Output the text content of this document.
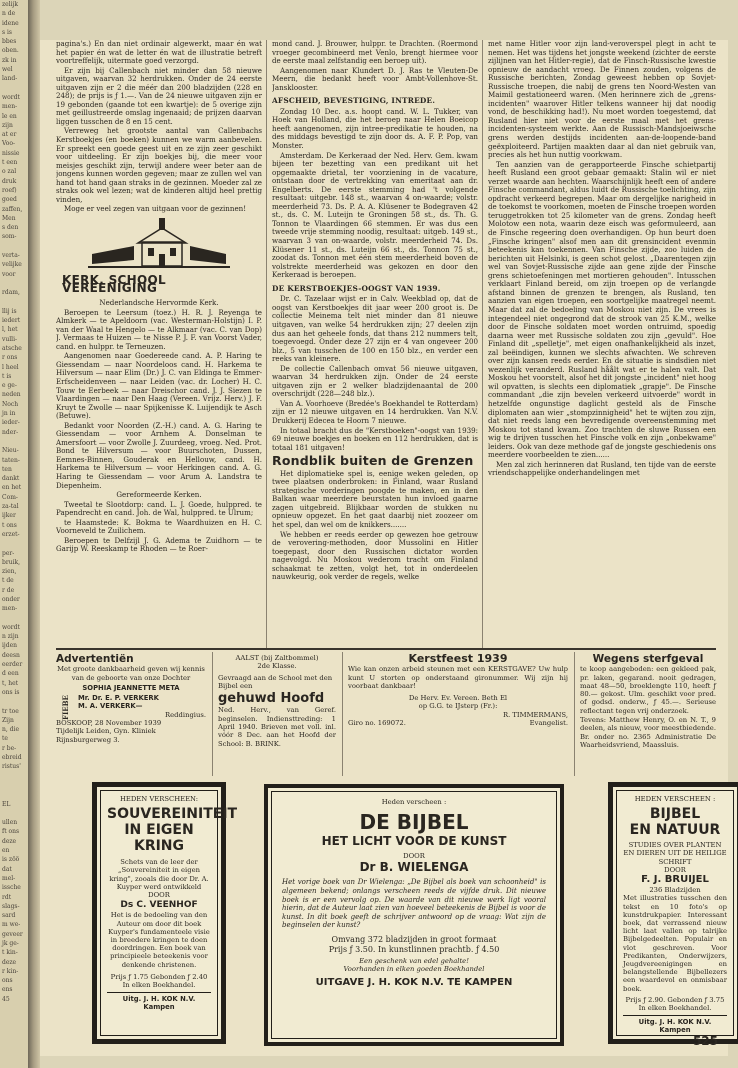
zelijk
n de
idene
s is
bbes
oben.
zk in
wel
land-

wordt
men-
le en
zijn
at er
Voo-
nissie
t een
o zal
druk
roef)
goed
zaffen,
Men
s den
som-

verta-
velijke
voor

rdam,

llij is
iedert
l, het
vulli-
atsche
r ons
l heel
t is
e ge-
neden
Noch
jn in
ieder-
nder-

Nieu-
taten-
ten
dankt
en het
Com-
za-tal
ijker
t ons
erzet-

per-
bruik,
zien,
t de
r de
onder
men-

wordt
n zijn
ijden
deesn
eerder
d een
t, het
ons is

tr toe
Zijn
n, die
te
r be-
ebreid
ristus'

EL

ullen
ft ons
deze
en
is zöö
dat
mel-
issche
rdt
slags-
sard
m we-
geveer
jk ge-
t kin-
deze
r kin-
ons
ens
45

pagina's.) En dan niet ordinair algewerkt, maar én wat het papier én wat de letter én wat de illustratie betreft voortreffelijk, uitermate goed verzorgd.

Er zijn bij Callenbach niet minder dan 58 nieuwe uitgaven, waarvan 32 herdrukken. Onder de 24 eerste uitgaven zijn er 2 die méér dan 200 bladzijden (228 en 248); de prijs is ƒ 1.—. Van de 24 nieuwe uitgaven zijn er 19 gebonden (gaande tot een kwartje): de 5 overige zijn met geillustreerde omslag ingenaaid; de prijzen daarvan liggen tusschen de 8 en 15 cent.

Verreweg het grootste aantal van Callenbachs Kerstboekjes (en boeken) kunnen we warm aanbevelen. Er spreekt een goede geest uit en ze zijn zeer geschikt voor uitdeeling. Er zijn boekjes bij, die meer voor meisjes geschikt zijn, terwijl andere weer beter aan de jongens kunnen worden gegeven; maar ze zullen wel van hand tot hand gaan straks in de gezinnen. Moeder zal ze straks ook wel lezen; wat de kinderen altijd heel prettig vinden,

Moge er veel zegen van uitgaan voor de gezinnen!

KERK. SCHOOL VEREENIGING

Nederlandsche Hervormde Kerk.

Beroepen te Leersum (toez.) H. R. J. Reyenga te Almkerk — te Apeldoorn (vac. Westerman-Holstijn) I. P. van der Waal te Hengelo — te Alkmaar (vac. C. van Dop) J. Vermaas te Huizen — te Nisse P. J. F. van Voorst Vader, cand. en hulppr. te Terneuzen.

Aangenomen naar Goedereede cand. A. P. Haring te Giessendam — naar Noordeloos cand. H. Harkema te Hilversum — naar Elim (Dr.) J. C. van Eldinga te Emmer-Erfscheidenveen — naar Leiden (vac. dr. Locher) H. C. Touw te Eerbeek — naar Dreischor cand. J. J. Siezen te Vlaardingen — naar Den Haag (Vereen. Vrijz. Herv.) J. F. Kruyt te Zwolle — naar Spijkenisse K. Luijendijk te Asch (Betuwe).

Bedankt voor Noorden (Z.-H.) cand. A. G. Haring te Giessendam — voor Arnhem A. Donselman te Amersfoort — voor Zwolle J. Zuurdeeg, vroeg. Ned. Prot. Bond te Hilversum — voor Buurschoten, Dussen, Eemnes-Binnen, Gouderak en Hellouw, cand. H. Harkema te Hilversum — voor Herkingen cand. A. G. Haring te Giessendam — voor Arum A. Landstra te Diepenheim.

Gereformeerde Kerken.

Tweetal te Slootdorp: cand. L. J. Goede, hulppred. te Papendrecht en cand. Joh. de Wal, hulppred. te Ulrum;

te Haamstede: K. Bokma te Waardhuizen en H. C. Voorneveld te Zuilichem.

Beroepen te Delfzijl J. G. Adema te Zuidhorn — te Garijp W. Reeskamp te Rhoden — te Roer-

mond cand. J. Brouwer, hulppr. te Drachten. (Roermond vroeger gecombineerd met Venlo, brengt hiermee voor de eerste maal zelfstandig een beroep uit).

Aangenomen naar Klundert D. J. Ras te Vleuten-De Meern, die bedankt heeft voor Ambt-Vollenhove-St. Jansklooster.

AFSCHEID, BEVESTIGING, INTREDE.

Zondag 10 Dec. a.s. hoopt cand. W. L. Tukker, van Hoek van Holland, die het beroep naar Helen Boeicop heeft aangenomen, zijn intree-predikatie te houden, na des middags bevestigd te zijn door ds. A. F. P. Pop, van Monster.

Amsterdam. De Kerkeraad der Ned. Herv. Gem. kwam bijeen ter bezetting van een predikant uit het opgemaakte drietal, ter voorziening in de vacature, ontstaan door de vertrekking van emeritaat aan dr. Engelberts. De eerste stemming had 't volgende resultaat: uitgebr. 148 st., waarvan 4 on-waarde; volstr. meerderheid 73. Ds. P. A. A. Klüsener te Bodegraven 42 st., ds. C. M. Luteijn te Groningen 58 st., ds. Th. G. Tonnon te Vlaardingen 66 stemmen. Er was dus een tweede vrije stemming noodig, resultaat: uitgeb. 149 st., waarvan 3 van on-waarde, volstr. meerderheid 74. Ds. Klüsener 11 st., ds. Luteijn 66 st., ds. Tonnon 75 st., zoodat ds. Tonnon met één stem meerderheid boven de volstrekte meerderheid was gekozen en door den Kerkeraad is beroepen.

DE KERSTBOEKJES-OOGST VAN 1939.

Dr. C. Tazelaar wijst er in Calv. Weekblad op, dat de oogst van Kerstboekjes dit jaar weer 200 groot is. De collectie Meinema telt niet minder dan 81 nieuwe uitgaven, van welke 54 herdrukken zijn; 27 deelen zijn dus aan het geheele fonds, dat thans 212 nummers telt, toegevoegd. Onder deze 27 zijn er 4 van ongeveer 200 blz., 5 van tusschen de 100 en 150 blz., en verder een reeks van kleinere.

De collectie Callenbach omvat 56 nieuwe uitgaven, waarvan 34 herdrukken zijn. Onder de 24 eerste uitgaven zijn er 2 welker bladzijdenaantal de 200 overschrijdt (228—248 blz.).

Van A. Voorhoeve (Bredée's Boekhandel te Rotterdam) zijn er 12 nieuwe uitgaven en 14 herdrukken. Van N.V. Drukkerij Edecea te Hoorn 7 nieuwe.

In totaal bracht dus de "Kerstboeken"-oogst van 1939: 69 nieuwe boekjes en boeken en 112 herdrukken, dat is totaal 181 uitgaven!

Rondblik buiten de Grenzen

Het diplomatieke spel is, eenige weken geleden, op twee plaatsen onderbroken: in Finland, waar Rusland strategische vorderingen poogde te maken, en in den Balkan waar meerdere beurstaten hun invloed gaarne zagen uitgebreid. Blijkbaar worden de stukken nu opnieuw opgezet. En het gaat daarbij niet zoozeer om het spel, dan wel om de knikkers.......

We hebben er reeds eerder op gewezen hoe getrouw de verovering-methoden, door Mussolini en Hitler toegepast, door den Russischen dictator worden nagevolgd. Nu Moskou wederom tracht om Finland schaakmat te zetten, volgt het, tot in onderdeelen nauwkeurig, ook verder de regels, welke

met name Hitler voor zijn land-veroverspel plegt in acht te nemen. Het was tijdens het jongste weekend (zichter de eerste zijlijnen van het Hitler-regie), dat de Finsch-Russische kwestie opnieuw de aandacht vroeg. De Finnen zouden, volgens de Russische berichten, Zondag geweest hebben op Sovjet-Russische troepen, die nabij de grens ten Noord-Westen van Maimil gestationeerd waren. (Men herinnere zich de „grens-incidenten" waarover Hitler telkens wanneer hij dat noodig vond, de beschikking had!). Nu moet worden toegestemd, dat Rusland hier niet voor de eerste maal met het grens-incidenten-systeem werkte. Aan de Russisch-Mandsjoeiwsche grens werden destijds incidenten aan-de-loopende-band geëxploiteerd. Partijen maakten daar al dan niet gebruik van, precies als het hun nuttig voorkwam.

Ten aanzien van de gerapporteerde Finsche schietpartij heeft Rusland een groot gebaar gemaakt: Stalin wil er niet verzet waarde aan hechten. Waarschijnlijk heeft een of andere Finsche commandant, aldus luidt de Russische toelichting, zijn opdracht verkeerd begrepen. Maar om dergelijke narigheid in de toekomst te voorkomen, moeten de Finsche troepen worden teruggetrokken tot 25 kilometer van de grens. Zondag heeft Molotow een nota, waarin deze eisch was geformuleerd, aan de Finsche regeering doen overhandigen. Op hun beurt doen „Finsche kringen" alsof men aan dit grensincident evenmin beteekenis kan toekennen. Van Finsche zijde, zoo luiden de berichten uit Helsinki, is geen schot gelost. „Daarentegen zijn wel van Sovjet-Russische zijde aan gene zijde der Finsche grens schietoefeningen met mortieren gehouden". Intusschen verklaart Finland bereid, om zijn troepen op de verlangde afstand binnen de grenzen te brengen, als Rusland, ten aanzien van eigen troepen, een soortgelijke maatregel neemt. Maar dat zal de bedoeling van Moskou niet zijn. De vrees is integendeel niet ongegrond dat de strook van 25 K.M., welke door de Finsche soldaten moet worden ontruimd, spoedig daarna weer met Russische soldaten zou zijn „gevuld". Hoe Finland dit „spelletje", met eigen onafhankelijkheid als inzet, zal beëindigen, kunnen we slechts afwachten. We schreven over zijn kansen reeds eerder. En de situatie is sindsdien niet wezenlijk veranderd. Rusland håålt wat er te halen valt. Dat Moskou het voorstelt, alsof het dit jongste „incident" niet hoog wil opvatten, is slechts een diplomatiek „grapje". De Finsche commandant „die zijn bevelen verkeerd uitvoerde" wordt in hetzelfde ongunstige daglicht gesteld als de Finsche diplomaten aan wier „stompzinnigheid" het te wijten zou zijn, dat niet reeds lang een bevredigende overeenstemming met Moskou tot stand kwam. Zoo trachten de sluwe Russen een wig te drijven tusschen het Finsche volk en zijn „onbekwame" leiders. Ook van deze methode gaf de jongste geschiedenis ons meerdere voorbeelden te zien......

Men zal zich herinneren dat Rusland, ten tijde van de eerste vriendschappelijke onderhandelingen met

Advertentiën
Met groote dankbaarheid geven wij kennis van de geboorte van onze Dochter
SOPHIA JEANNETTE META
FIEBE Mr. Dr. E. P. VERKERK
M. A. VERKERK—
Reddingius.
BOSKOOP, 28 November 1939
Tijdelijk Leiden, Gyn. Kliniek
Rijnsburgerweg 3.
AALST (bij Zaltbommel)
2de Klasse.
Gevraagd aan de School met den Bijbel een
gehuwd Hoofd
Ned. Herv., van Geref. beginselen. Indiensttreding: 1 April 1940. Brieven met voll. inl. vóór 8 Dec. aan het Hoofd der School: B. BRINK.
Kerstfeest 1939
Wie kan onzen arbeid steunen met een KERSTGAVE? Uw hulp kunt U storten op onderstaand gironummer. Wij zijn hij voorbaat dankbaar!
De Herv. Ev. Vereen. Beth El
op G.G. te IJsterp (Fr.):
R. TIMMERMANS,
Giro no. 169072.	Evangelist.
Wegens sterfgeval
te koop aangeboden: een gekleed pak, pr. laken, gegarand. nooit gedragen, maat 48—50, broeklengte 110, heeft ƒ 80.— gekost. Ulm. geschikt voor pred. of godsd. onderw., ƒ 45.—. Serieuse reflectant tegen vrij onderzoek.
Tevens: Matthew Henry, O. en N. T., 9 deelen, als nieuw, voor meestbiedende. Br. onder no. 2365 Administratie De Waarheidsvriend, Maassluis.
HEDEN VERSCHEEN:
SOUVEREINITEIT
IN EIGEN KRING
Schets van de leer der „Souvereiniteit in eigen kring", zooals die door Dr. A. Kuyper werd ontwikkeld
DOOR
Ds C. VEENHOF
Het is de bedoeling van den Auteur om door dit boek Kuyper's fundamenteele visie in breedere kringen te doen doordringen. Een boek van principieele beteekenis voor denkende christenen.
Prijs ƒ 1.75 Gebonden ƒ 2.40
In elken Boekhandel.
Uitg. J. H. KOK N.V. Kampen
Heden verscheen :
DE BIJBEL
HET LICHT VOOR DE KUNST
DOOR
Dr B. WIELENGA
Het vorige boek van Dr Wielenga: „De Bijbel als boek van schoonheid" is algemeen bekend; onlangs verscheen reeds de vijfde druk. Dit nieuwe boek is er een vervolg op. De waarde van dit nieuwe werk ligt vooral hierin, dat de Auteur laat zien van hoeveel beteekenis de Bijbel is voor de kunst. In dit boek geeft de schrijver antwoord op de vraag: Wat zijn de beginselen der kunst?
Omvang 372 bladzijden in groot formaat
Prijs ƒ 3.50. In kunstlinnen prachtb. ƒ 4.50
Een geschenk van edel gehalte!
Voorhanden in elken goeden Boekhandel
UITGAVE J. H. KOK N.V. TE KAMPEN
HEDEN VERSCHEEN :
BIJBEL
EN NATUUR
STUDIES OVER PLANTEN EN DIEREN UIT DE HEILIGE SCHRIFT
DOOR
F. J. BRUIJEL
236 Bladzijden
Met illustraties tusschen den tekst en 10 foto's op kunstdrukpapier. Interessant boek, dat verrassend nieuw licht laat vallen op talrijke Bijbelgedeelten. Populair en vlot geschreven. Voor Predikanten, Onderwijzers, Jeugdvereenigingen en belangstellende Bijbellezers een waardevol en onmisbaar boek.
Prijs ƒ 2.90. Gebonden ƒ 3.75
In elken Boekhandel.
Uitg. J. H. KOK N.V. Kampen
525
